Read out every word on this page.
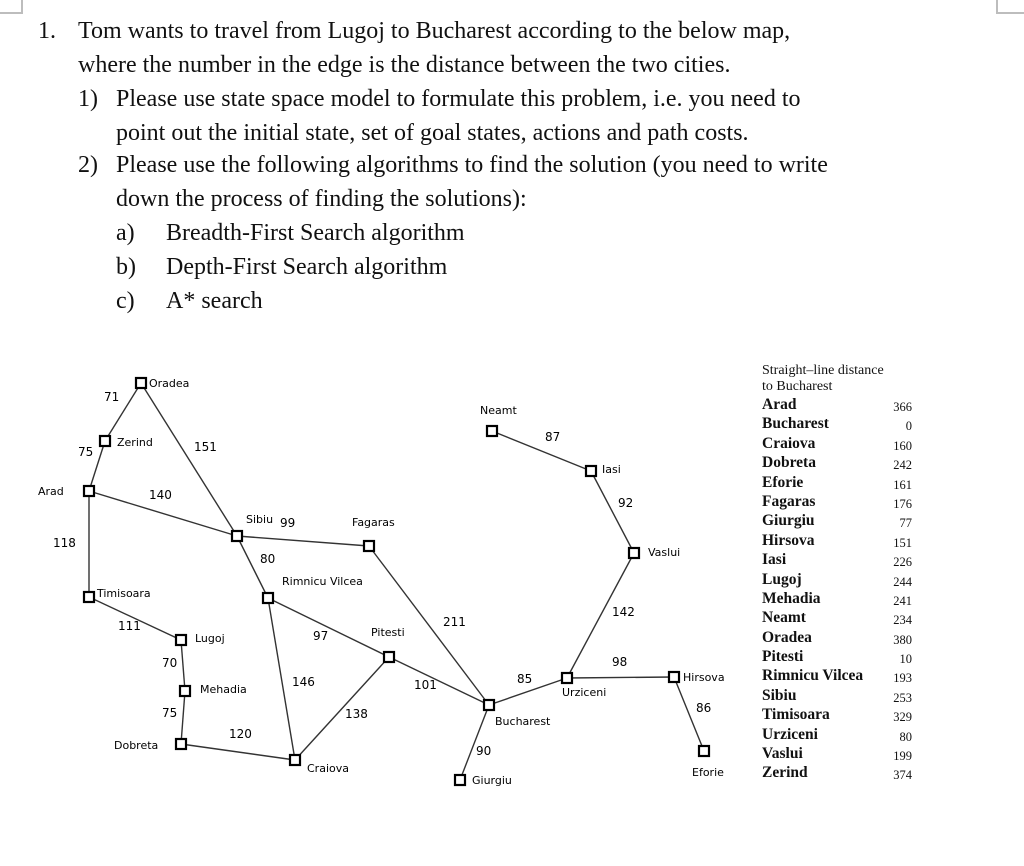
1. Tom wants to travel from Lugoj to Bucharest according to the below map,
where the number in the edge is the distance between the two cities.
1) Please use state space model to formulate this problem, i.e. you need to
point out the initial state, set of goal states, actions and path costs.
2) Please use the following algorithms to find the solution (you need to write
down the process of finding the solutions):
a) Breadth-First Search algorithm
b) Depth-First Search algorithm
c) A* search
71
75	151
140
118
111
70
75
120
99
80
97
146
138
211
101
90
85
98
86
142
92
87
Oradea
Zerind
Arad
Timisoara
Lugoj
Mehadia
Dobreta
Sibiu	Fagaras
Rimnicu Vilcea
Pitesti
Craiova
Bucharest
Giurgiu
Urziceni
Neamt
Iasi
Vaslui
Hirsova
Eforie
Straight–line distance
to Bucharest
Arad	366
Bucharest	0
Craiova	160
Dobreta	242
Eforie	161
Fagaras	176
Giurgiu	77
Hirsova	151
Iasi	226
Lugoj	244
Mehadia	241
Neamt	234
Oradea	380
Pitesti	10
Rimnicu Vilcea 193
Sibiu	253
Timisoara	329
Urziceni	80
Vaslui	199
Zerind	374
